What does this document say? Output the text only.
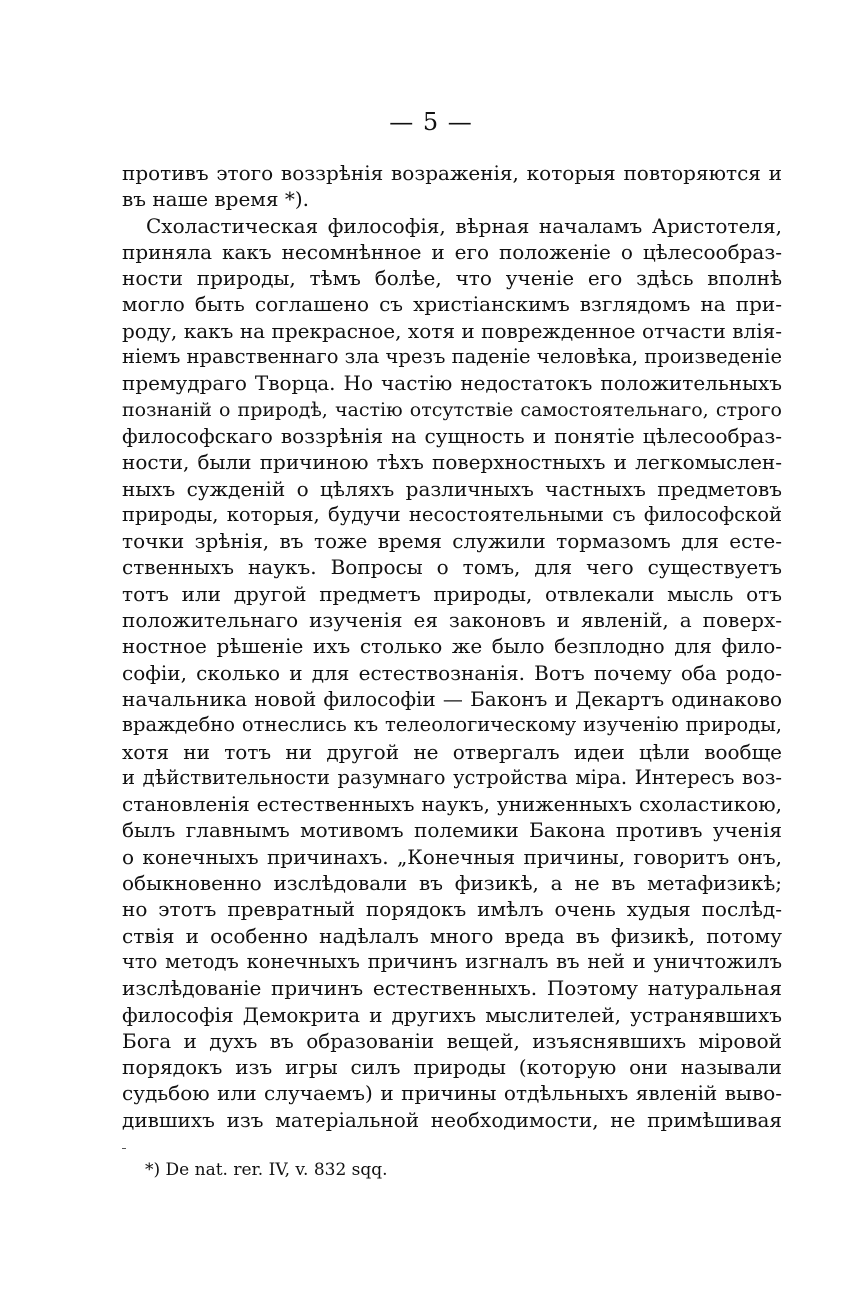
— 5 —
противъ этого воззрѣнія возраженія, которыя повторяются и
въ наше время *).
Схоластическая философія, вѣрная началамъ Аристотеля,
приняла какъ несомнѣнное и его положеніе о цѣлесообраз-
ности природы, тѣмъ болѣе, что ученіе его здѣсь вполнѣ
могло быть соглашено съ христіанскимъ взглядомъ на при-
роду, какъ на прекрасное, хотя и поврежденное отчасти влія-
ніемъ нравственнаго зла чрезъ паденіе человѣка, произведеніе
премудраго Творца. Но частію недостатокъ положительныхъ
познаній о природѣ, частію отсутствіе самостоятельнаго, строго
философскаго воззрѣнія на сущность и понятіе цѣлесообраз-
ности, были причиною тѣхъ поверхностныхъ и легкомыслен-
ныхъ сужденій о цѣляхъ различныхъ частныхъ предметовъ
природы, которыя, будучи несостоятельными съ философской
точки зрѣнія, въ тоже время служили тормазомъ для есте-
ственныхъ наукъ. Вопросы о томъ, для чего существуетъ
тотъ или другой предметъ природы, отвлекали мысль отъ
положительнаго изученія ея законовъ и явленій, а поверх-
ностное рѣшеніе ихъ столько же было безплодно для фило-
софіи, сколько и для естествознанія. Вотъ почему оба родо-
начальника новой философіи — Баконъ и Декартъ одинаково
враждебно отнеслись къ телеологическому изученію природы,
хотя ни тотъ ни другой не отвергалъ идеи цѣли вообще
и дѣйствительности разумнаго устройства міра. Интересъ воз-
становленія естественныхъ наукъ, униженныхъ схоластикою,
былъ главнымъ мотивомъ полемики Бакона противъ ученія
о конечныхъ причинахъ. „Конечныя причины, говоритъ онъ,
обыкновенно изслѣдовали въ физикѣ, а не въ метафизикѣ;
но этотъ превратный порядокъ имѣлъ очень худыя послѣд-
ствія и особенно надѣлалъ много вреда въ физикѣ, потому
что методъ конечныхъ причинъ изгналъ въ ней и уничтожилъ
изслѣдованіе причинъ естественныхъ. Поэтому натуральная
философія Демокрита и другихъ мыслителей, устранявшихъ
Бога и духъ въ образованіи вещей, изъяснявшихъ міровой
порядокъ изъ игры силъ природы (которую они называли
судьбою или случаемъ) и причины отдѣльныхъ явленій выво-
дившихъ изъ матеріальной необходимости, не примѣшивая
*) De nat. rer. IV, v. 832 sqq.
